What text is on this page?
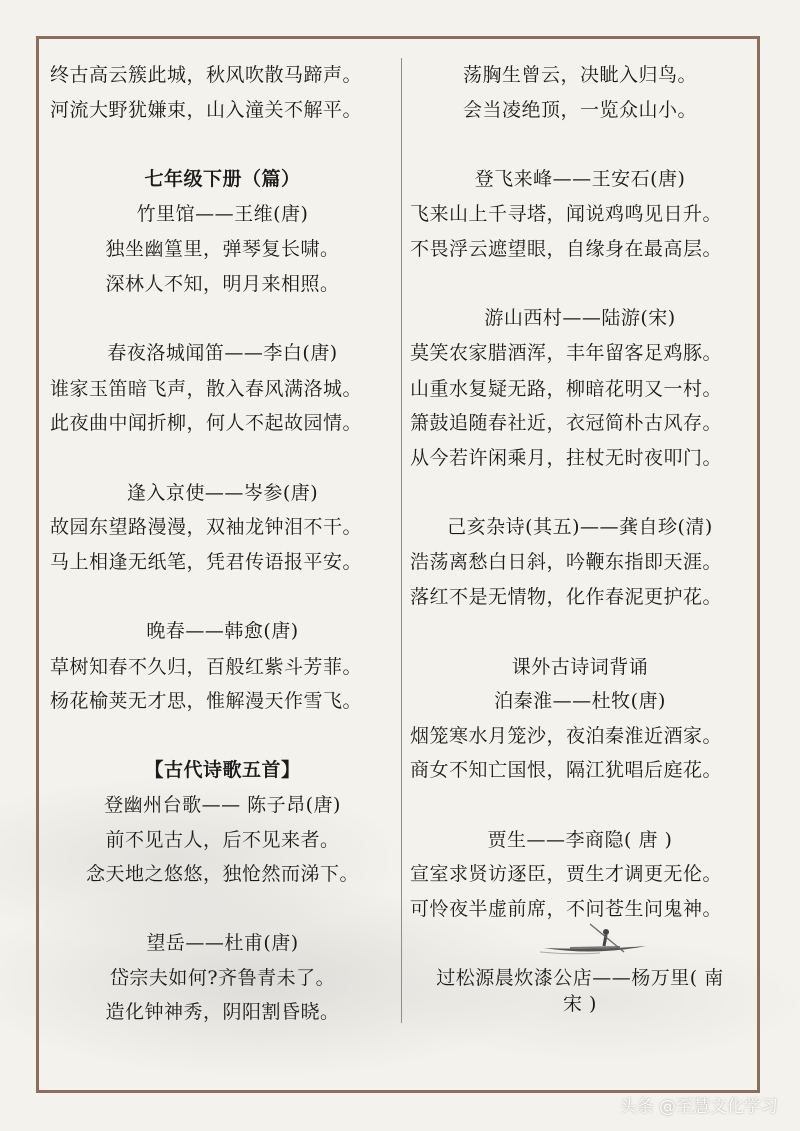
终古高云簇此城，秋风吹散马蹄声。
河流大野犹嫌束，山入潼关不解平。
七年级下册（篇）
竹里馆——王维(唐)
独坐幽篁里，弹琴复长啸。
深林人不知，明月来相照。
春夜洛城闻笛——李白(唐)
谁家玉笛暗飞声，散入春风满洛城。
此夜曲中闻折柳，何人不起故园情。
逢入京使——岑参(唐)
故园东望路漫漫，双袖龙钟泪不干。
马上相逢无纸笔，凭君传语报平安。
晚春——韩愈(唐)
草树知春不久归，百般红紫斗芳菲。
杨花榆荚无才思，惟解漫天作雪飞。
【古代诗歌五首】
登幽州台歌—— 陈子昂(唐)
前不见古人，后不见来者。
念天地之悠悠，独怆然而涕下。
望岳——杜甫(唐)
岱宗夫如何?齐鲁青未了。
造化钟神秀，阴阳割昏晓。
荡胸生曾云，决眦入归鸟。
会当凌绝顶，一览众山小。
登飞来峰——王安石(唐)
飞来山上千寻塔，闻说鸡鸣见日升。
不畏浮云遮望眼，自缘身在最高层。
游山西村——陆游(宋)
莫笑农家腊酒浑，丰年留客足鸡豚。
山重水复疑无路，柳暗花明又一村。
箫鼓追随春社近，衣冠简朴古风存。
从今若许闲乘月，拄杖无时夜叩门。
己亥杂诗(其五)——龚自珍(清)
浩荡离愁白日斜，吟鞭东指即天涯。
落红不是无情物，化作春泥更护花。
课外古诗词背诵
泊秦淮——杜牧(唐)
烟笼寒水月笼沙，夜泊秦淮近酒家。
商女不知亡国恨，隔江犹唱后庭花。
贾生——李商隐( 唐 )
宣室求贤访逐臣，贾生才调更无伦。
可怜夜半虚前席，不问苍生问鬼神。
过松源晨炊漆公店——杨万里( 南
宋 )
头条 @至慧文化学习
